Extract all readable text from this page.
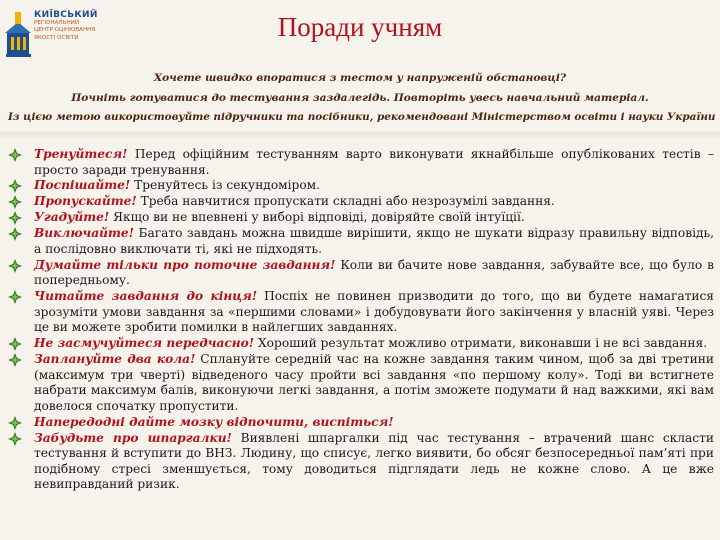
КИЇВСЬКИЙ
РЕГІОНАЛЬНИЙ
ЦЕНТР ОЦІНЮВАННЯ
ЯКОСТІ ОСВІТИ	Поради учням
Хочете швидко впоратися з тестом у напруженій обстановці?
Почніть готуватися до тестування заздалегідь. Повторіть увесь навчальний матеріал.
Із цією метою використовуйте підручники та посібники, рекомендовані Міністерством освіти і науки України
Тренуйтеся! Перед офіційним тестуванням варто виконувати якнайбільше опублікованих тестів – просто заради тренування.
Поспішайте! Тренуйтесь із секундоміром.
Пропускайте! Треба навчитися пропускати складні або незрозумілі завдання.
Угадуйте! Якщо ви не впевнені у виборі відповіді, довіряйте своїй інтуїції.
Виключайте! Багато завдань можна швидше вирішити, якщо не шукати відразу правильну відповідь, а послідовно виключати ті, які не підходять.
Думайте тільки про поточне завдання! Коли ви бачите нове завдання, забувайте все, що було в попередньому.
Читайте завдання до кінця! Поспіх не повинен призводити до того, що ви будете намагатися зрозуміти умови завдання за «першими словами» і добудовувати його закінчення у власній уяві. Через це ви можете зробити помилки в найлегших завданнях.
Не засмучуйтеся передчасно! Хороший результат можливо отримати, виконавши і не всі завдання.
Заплануйте два кола! Сплануйте середній час на кожне завдання таким чином, щоб за дві третини (максимум три чверті) відведеного часу пройти всі завдання «по першому колу». Тоді ви встигнете набрати максимум балів, виконуючи легкі завдання, а потім зможете подумати й над важкими, які вам довелося спочатку пропустити.
Напередодні дайте мозку відпочити, виспіться!
Забудьте про шпаргалки! Виявлені шпаргалки під час тестування – втрачений шанс скласти тестування й вступити до ВНЗ. Людину, що списує, легко виявити, бо обсяг безпосередньої пам’яті при подібному стресі зменшується, тому доводиться підглядати ледь не кожне слово. А це вже невиправданий ризик.
